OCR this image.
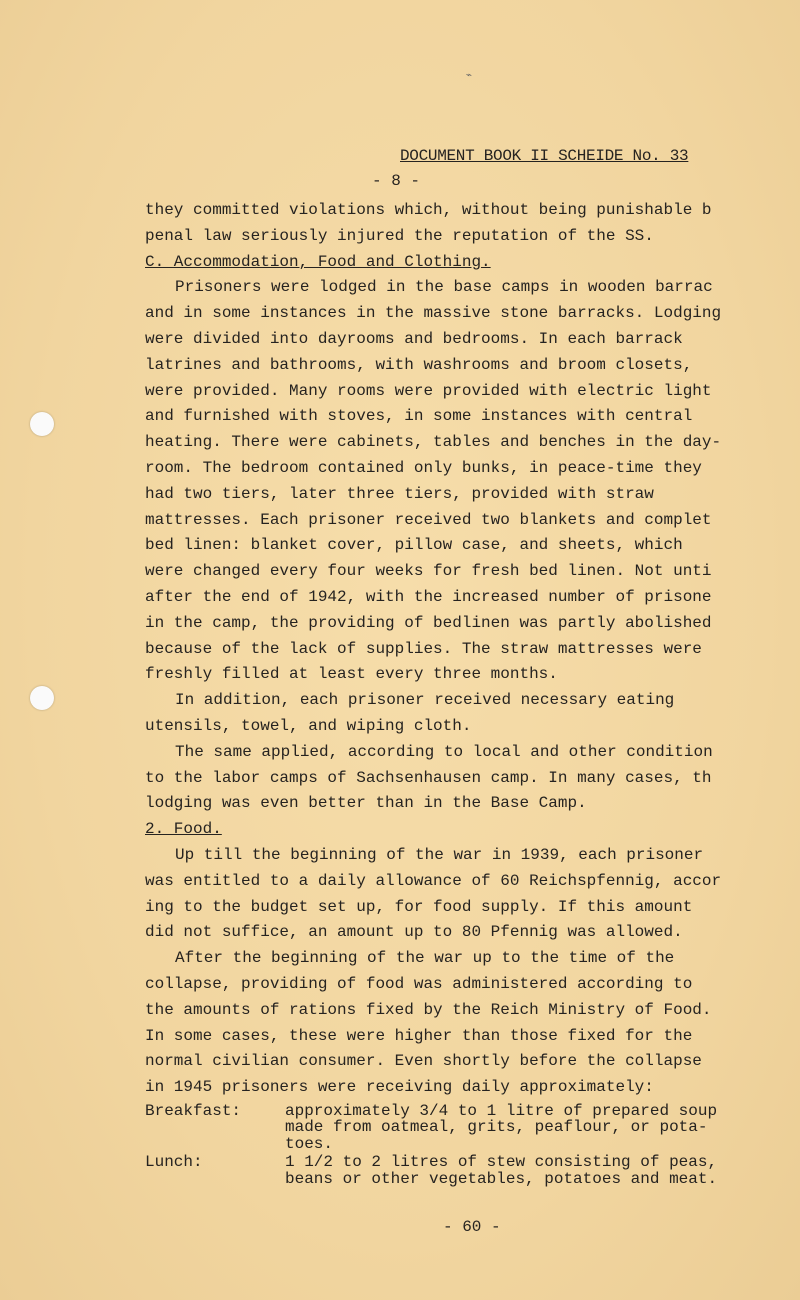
⌁
DOCUMENT BOOK II SCHEIDE No. 33
- 8 -
they committed violations which, without being punishable b
penal law seriously injured the reputation of the SS.
C. Accommodation, Food and Clothing.
Prisoners were lodged in the base camps in wooden barrac
and in some instances in the massive stone barracks. Lodging
were divided into dayrooms and bedrooms. In each barrack
latrines and bathrooms, with washrooms and broom closets,
were provided. Many rooms were provided with electric light
and furnished with stoves, in some instances with central
heating. There were cabinets, tables and benches in the day-
room. The bedroom contained only bunks, in peace-time they
had two tiers, later three tiers, provided with straw
mattresses. Each prisoner received two blankets and complet
bed linen: blanket cover, pillow case, and sheets, which
were changed every four weeks for fresh bed linen. Not unti
after the end of 1942, with the increased number of prisone
in the camp, the providing of bedlinen was partly abolished
because of the lack of supplies. The straw mattresses were
freshly filled at least every three months.
In addition, each prisoner received necessary eating
utensils, towel, and wiping cloth.
The same applied, according to local and other condition
to the labor camps of Sachsenhausen camp. In many cases, th
lodging was even better than in the Base Camp.
2. Food.
Up till the beginning of the war in 1939, each prisoner
was entitled to a daily allowance of 60 Reichspfennig, accor
ing to the budget set up, for food supply. If this amount
did not suffice, an amount up to 80 Pfennig was allowed.
After the beginning of the war up to the time of the
collapse, providing of food was administered according to
the amounts of rations fixed by the Reich Ministry of Food.
In some cases, these were higher than those fixed for the
normal civilian consumer. Even shortly before the collapse
in 1945 prisoners were receiving daily approximately:
Breakfast:	approximately 3/4 to 1 litre of prepared soup
made from oatmeal, grits, peaflour, or pota-
toes.
Lunch:	1 1/2 to 2 litres of stew consisting of peas,
beans or other vegetables, potatoes and meat.
- 60 -
